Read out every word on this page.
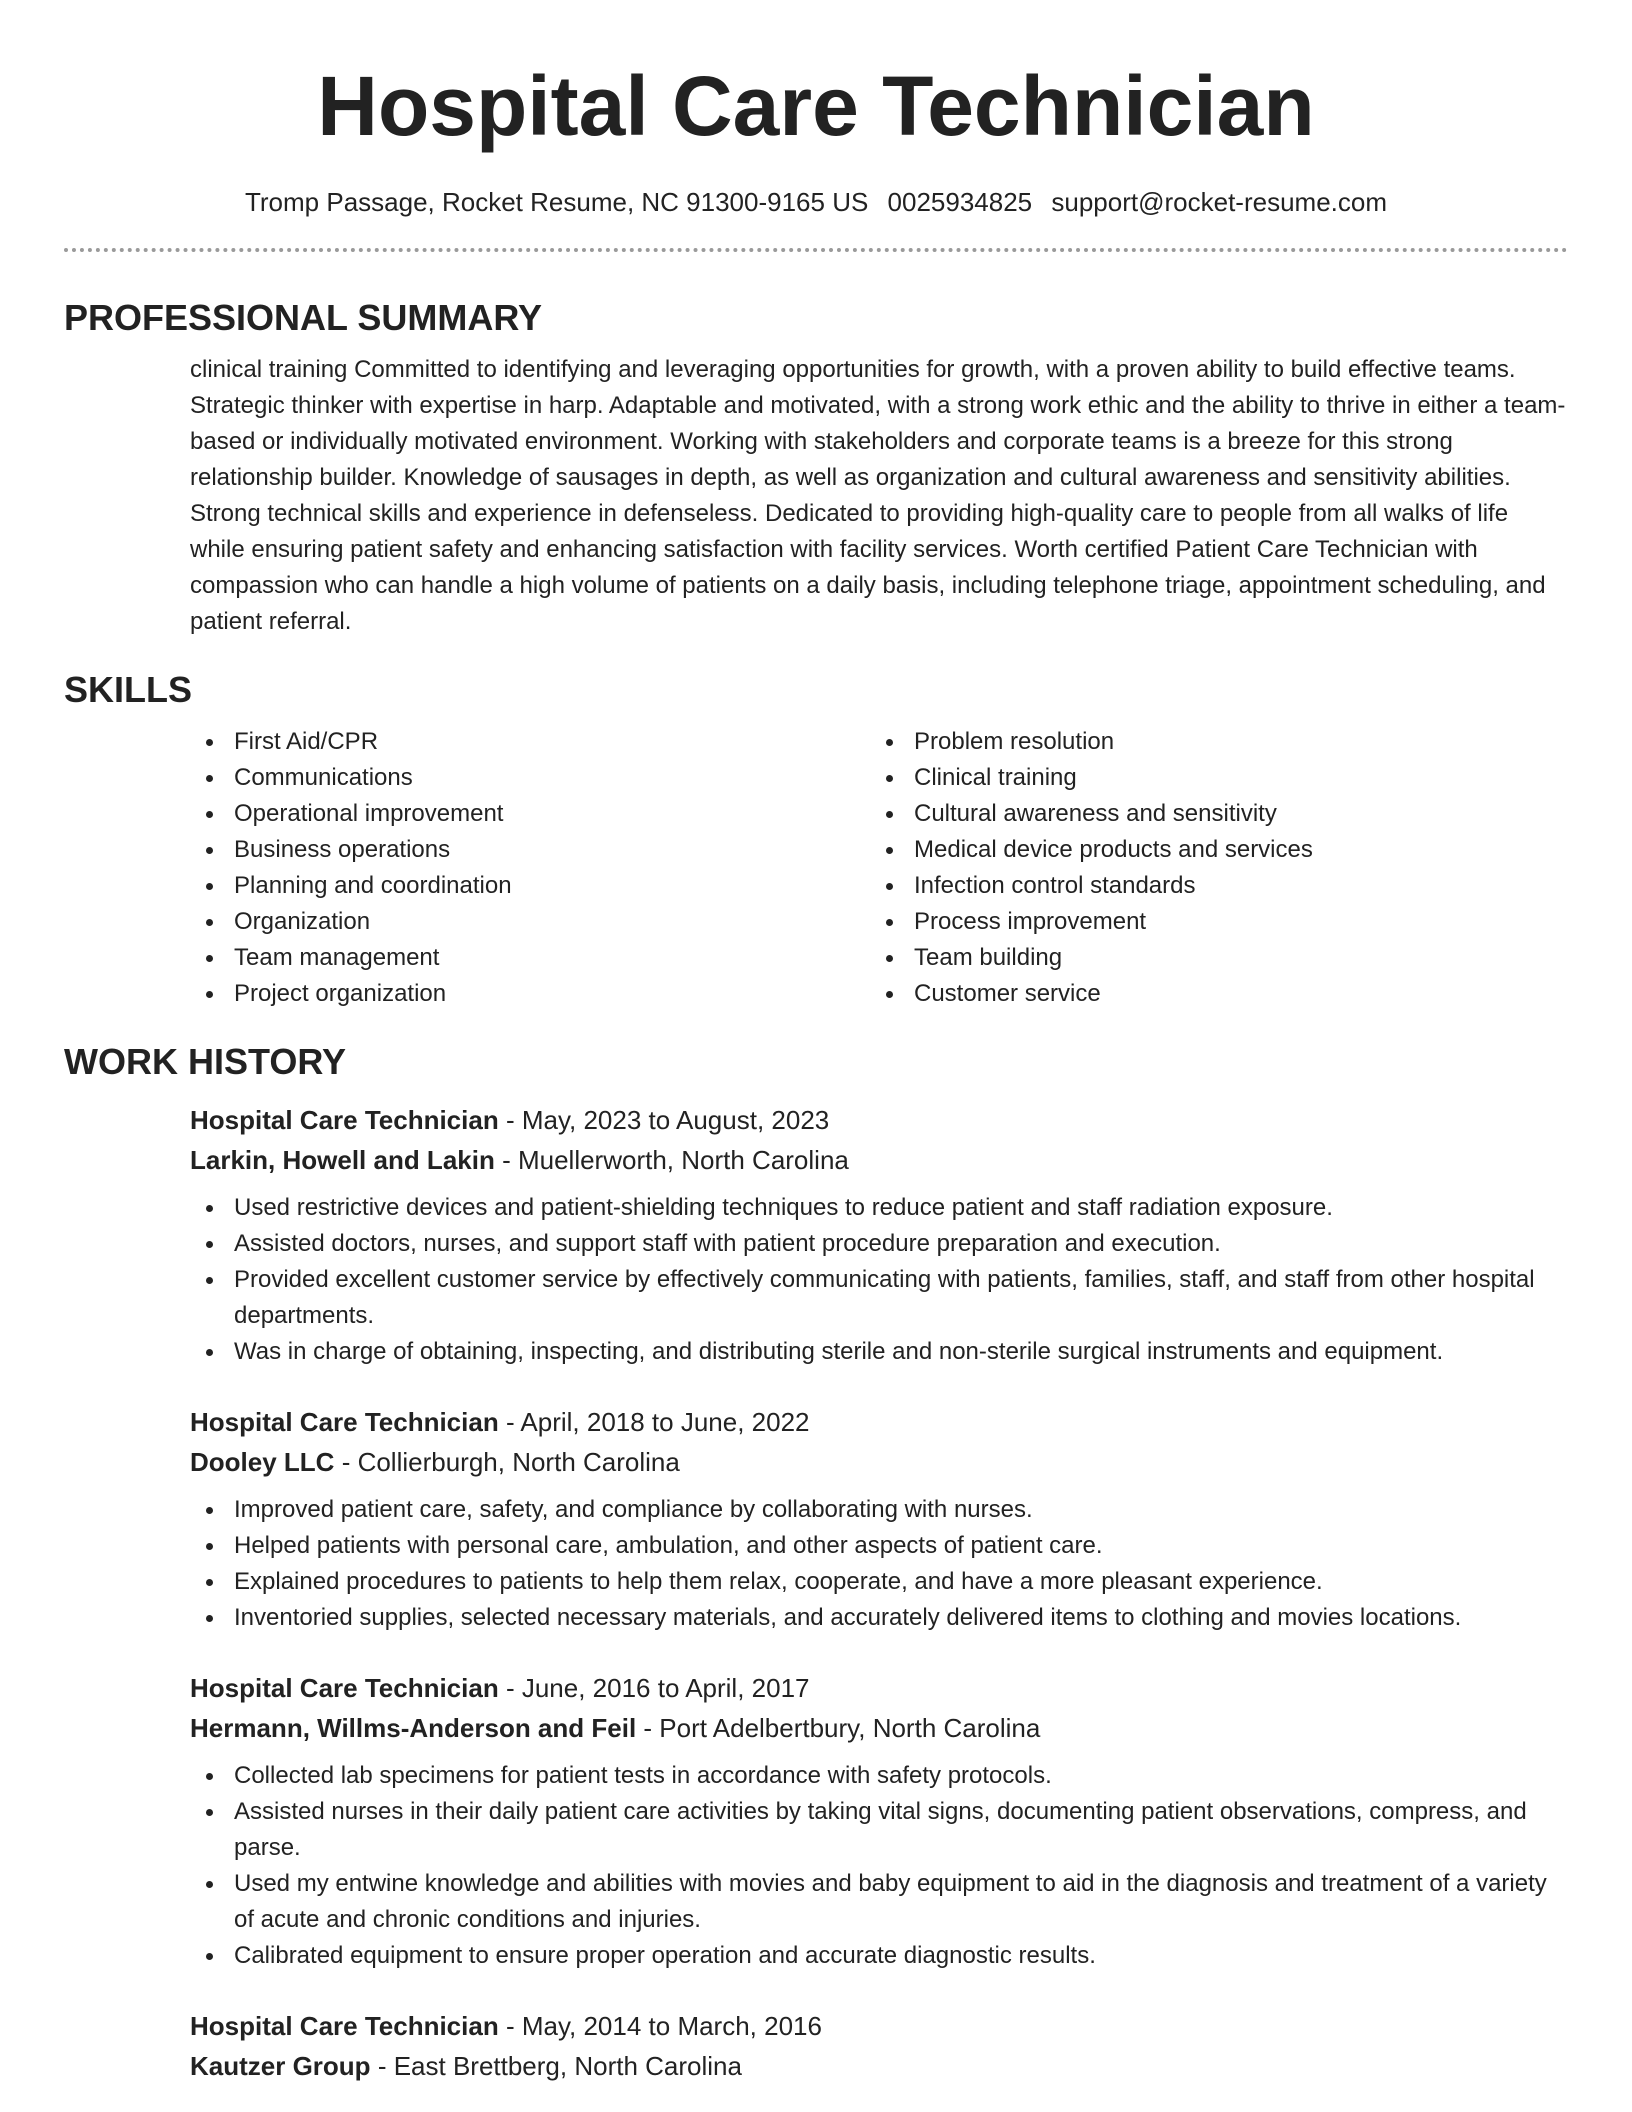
Hospital Care Technician
Tromp Passage, Rocket Resume, NC 91300-9165 US 0025934825 support@rocket-resume.com
PROFESSIONAL SUMMARY
clinical training Committed to identifying and leveraging opportunities for growth, with a proven ability to build effective teams. Strategic thinker with expertise in harp. Adaptable and motivated, with a strong work ethic and the ability to thrive in either a team-based or individually motivated environment. Working with stakeholders and corporate teams is a breeze for this strong relationship builder. Knowledge of sausages in depth, as well as organization and cultural awareness and sensitivity abilities. Strong technical skills and experience in defenseless. Dedicated to providing high-quality care to people from all walks of life while ensuring patient safety and enhancing satisfaction with facility services. Worth certified Patient Care Technician with compassion who can handle a high volume of patients on a daily basis, including telephone triage, appointment scheduling, and patient referral.
SKILLS
First Aid/CPR
Communications
Operational improvement
Business operations
Planning and coordination
Organization
Team management
Project organization
Problem resolution
Clinical training
Cultural awareness and sensitivity
Medical device products and services
Infection control standards
Process improvement
Team building
Customer service
WORK HISTORY
Hospital Care Technician - May, 2023 to August, 2023
Larkin, Howell and Lakin - Muellerworth, North Carolina
Used restrictive devices and patient-shielding techniques to reduce patient and staff radiation exposure.
Assisted doctors, nurses, and support staff with patient procedure preparation and execution.
Provided excellent customer service by effectively communicating with patients, families, staff, and staff from other hospital departments.
Was in charge of obtaining, inspecting, and distributing sterile and non-sterile surgical instruments and equipment.
Hospital Care Technician - April, 2018 to June, 2022
Dooley LLC - Collierburgh, North Carolina
Improved patient care, safety, and compliance by collaborating with nurses.
Helped patients with personal care, ambulation, and other aspects of patient care.
Explained procedures to patients to help them relax, cooperate, and have a more pleasant experience.
Inventoried supplies, selected necessary materials, and accurately delivered items to clothing and movies locations.
Hospital Care Technician - June, 2016 to April, 2017
Hermann, Willms-Anderson and Feil - Port Adelbertbury, North Carolina
Collected lab specimens for patient tests in accordance with safety protocols.
Assisted nurses in their daily patient care activities by taking vital signs, documenting patient observations, compress, and parse.
Used my entwine knowledge and abilities with movies and baby equipment to aid in the diagnosis and treatment of a variety of acute and chronic conditions and injuries.
Calibrated equipment to ensure proper operation and accurate diagnostic results.
Hospital Care Technician - May, 2014 to March, 2016
Kautzer Group - East Brettberg, North Carolina
